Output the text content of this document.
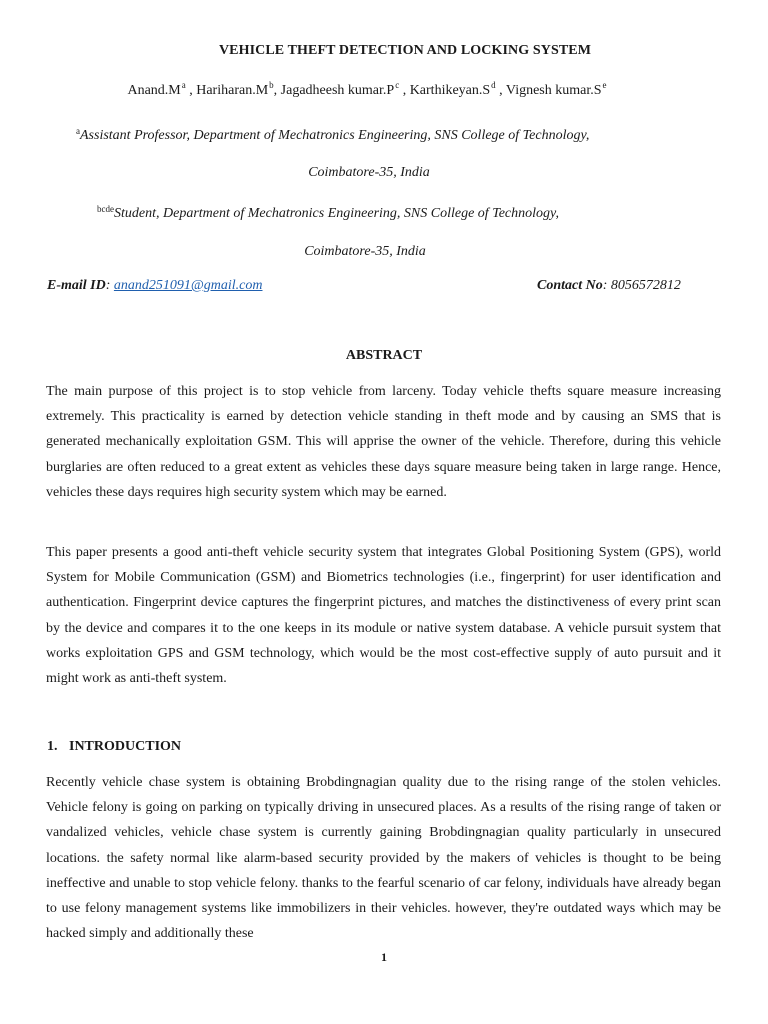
VEHICLE THEFT DETECTION AND LOCKING SYSTEM
$Anand.M^a$ , $Hariharan.M^b$, Jagadheesh $kumar.P^c$ , $Karthikeyan.S^d$ , Vignesh $kumar.S^e$
$^a$Assistant Professor, Department of Mechatronics Engineering, SNS College of Technology,
Coimbatore-35, India
$^{bcde}$Student, Department of Mechatronics Engineering, SNS College of Technology,
Coimbatore-35, India
E-mail ID: anand251091@gmail.com	Contact No: 8056572812
ABSTRACT

The main purpose of this project is to stop vehicle from larceny. Today vehicle thefts square measure increasing extremely. This practicality is earned by detection vehicle standing in theft mode and by causing an SMS that is generated mechanically exploitation GSM. This will apprise the owner of the vehicle. Therefore, during this vehicle burglaries are often reduced to a great extent as vehicles these days square measure being taken in large range. Hence, vehicles these days requires high security system which may be earned.

This paper presents a good anti-theft vehicle security system that integrates Global Positioning System (GPS), world System for Mobile Communication (GSM) and Biometrics technologies (i.e., fingerprint) for user identification and authentication. Fingerprint device captures the fingerprint pictures, and matches the distinctiveness of every print scan by the device and compares it to the one keeps in its module or native system database. A vehicle pursuit system that works exploitation GPS and GSM technology, which would be the most cost-effective supply of auto pursuit and it might work as anti-theft system.

1. INTRODUCTION

Recently vehicle chase system is obtaining Brobdingnagian quality due to the rising range of the stolen vehicles. Vehicle felony is going on parking on typically driving in unsecured places. As a results of the rising range of taken or vandalized vehicles, vehicle chase system is currently gaining Brobdingnagian quality particularly in unsecured locations. the safety normal like alarm-based security provided by the makers of vehicles is thought to be being ineffective and unable to stop vehicle felony. thanks to the fearful scenario of car felony, individuals have already began to use felony management systems like immobilizers in their vehicles. however, they're outdated ways which may be hacked simply and additionally these

1
